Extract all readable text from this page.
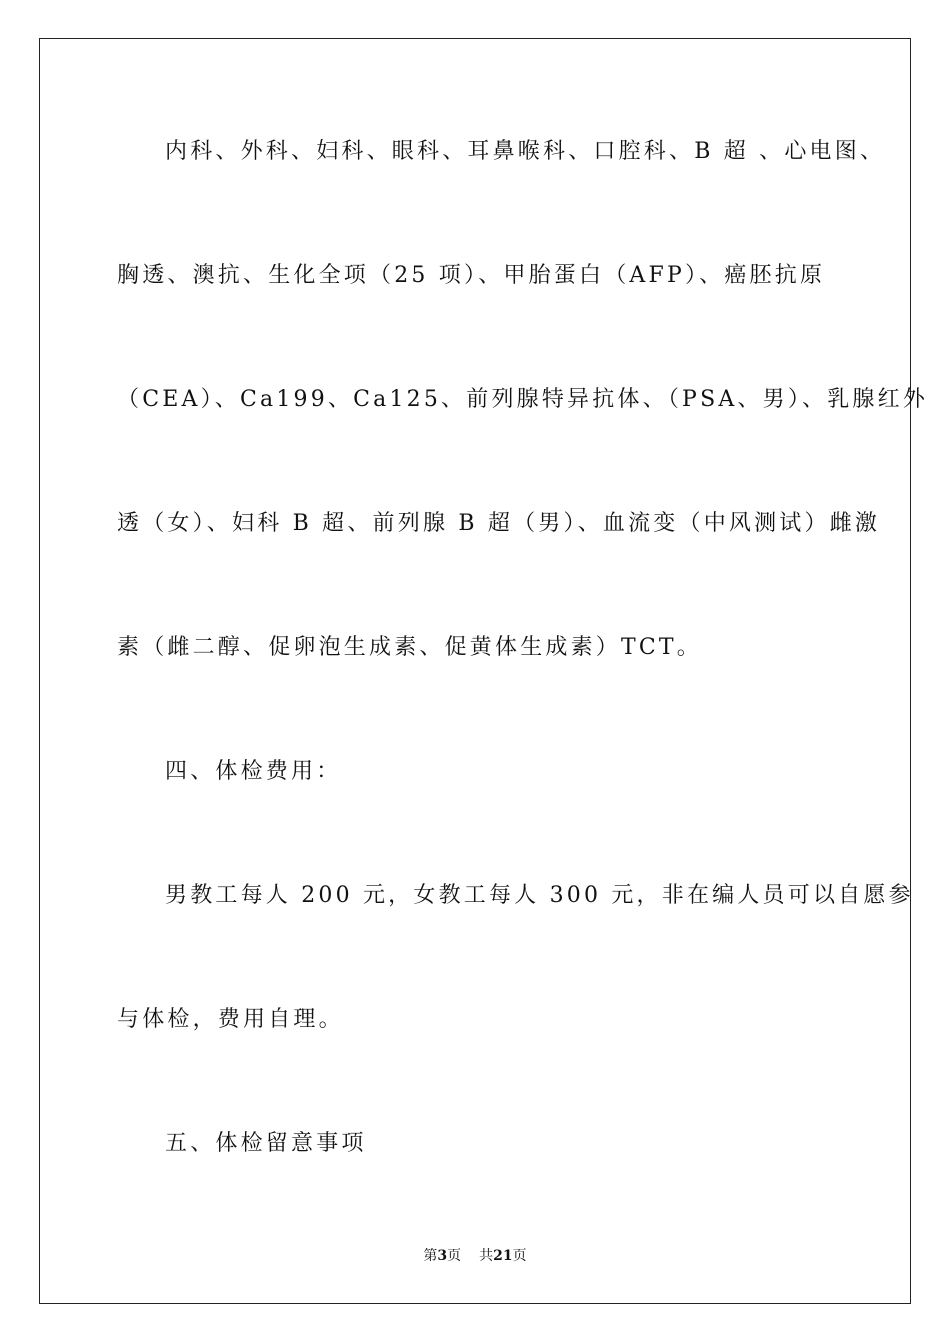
内科、外科、妇科、眼科、耳鼻喉科、口腔科、B 超 、心电图、
胸透、澳抗、生化全项（25 项）、甲胎蛋白（AFP）、癌胚抗原
（CEA）、Ca199、Ca125、前列腺特异抗体、（PSA、男）、乳腺红外
透（女）、妇科 B 超、前列腺 B 超（男）、血流变（中风测试）雌激
素（雌二醇、促卵泡生成素、促黄体生成素）TCT。
四、体检费用：
男教工每人 200 元，女教工每人 300 元，非在编人员可以自愿参
与体检，费用自理。
五、体检留意事项
第3页 共21页
